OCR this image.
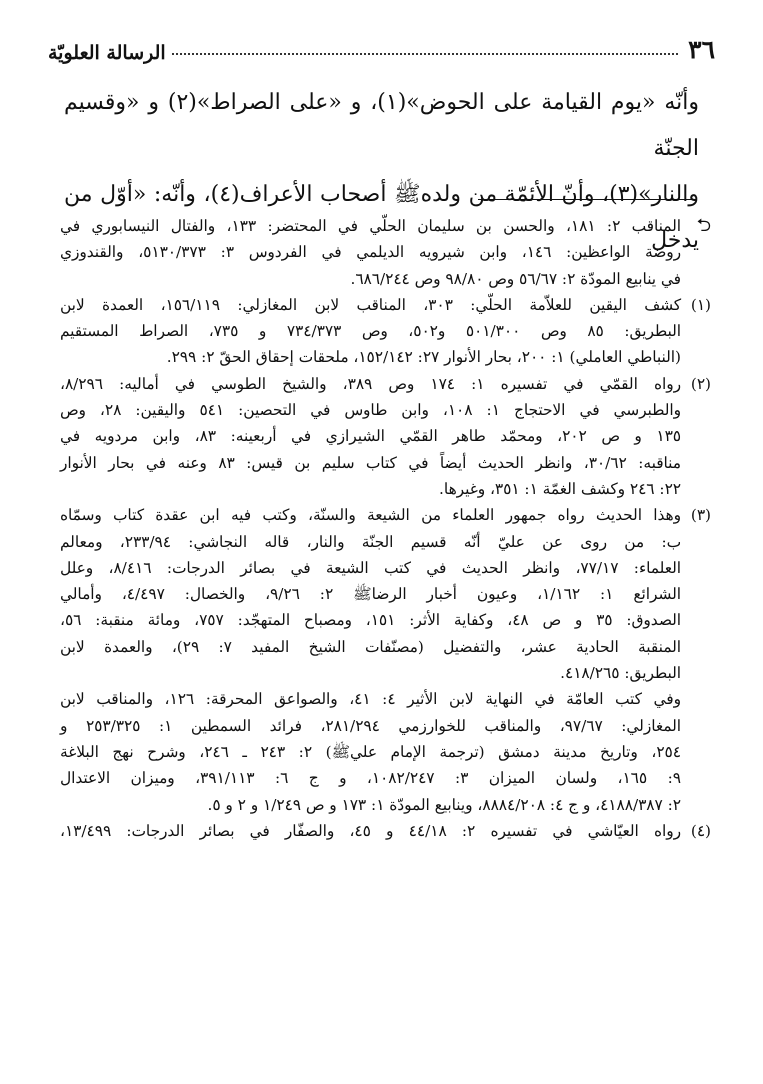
٣٦
الرسالة العلويّة

وأنّه «يوم القيامة على الحوض»(١)، و «على الصراط»(٢) و «وقسيم الجنّة

والنار»(٣)، وأنّ الأئمّة من ولدهﷺ أصحاب الأعراف(٤)، وأنّه: «أوّل من يدخل

⮌
المناقب ٢: ١٨١، والحسن بن سليمان الحلّي في المحتضر: ١٣٣، والفتال النيسابوري في
روضة الواعظين: ١٤٦، وابن شيرويه الديلمي في الفردوس ٣: ٥١٣٠/٣٧٣، والقندوزي
في ينابيع المودّة ٢: ٥٦/٦٧ وص ٩٨/٨٠ وص ٦٨٦/٢٤٤.
(١)
كشف اليقين للعلاّمة الحلّي: ٣٠٣، المناقب لابن المغازلي: ١٥٦/١١٩، العمدة لابن
البطريق: ٨٥ وص ٥٠١/٣٠٠ و٥٠٢، وص ٧٣٤/٣٧٣ و ٧٣٥، الصراط المستقيم
(النباطي العاملي) ١: ٢٠٠، بحار الأنوار ٢٧: ١٥٢/١٤٢، ملحقات إحقاق الحقّ ٢: ٢٩٩.
(٢)
رواه القمّي في تفسيره ١: ١٧٤ وص ٣٨٩، والشيخ الطوسي في أماليه: ٨/٢٩٦،
والطبرسي في الاحتجاج ١: ١٠٨، وابن طاوس في التحصين: ٥٤١ واليقين: ٢٨، وص
١٣٥ و ص ٢٠٢، ومحمّد طاهر القمّي الشيرازي في أربعينه: ٨٣، وابن مردويه في
مناقبه: ٣٠/٦٢، وانظر الحديث أيضاً في كتاب سليم بن قيس: ٨٣ وعنه في بحار الأنوار
٢٢: ٢٤٦ وكشف الغمّة ١: ٣٥١، وغيرها.
(٣)
وهذا الحديث رواه جمهور العلماء من الشيعة والسنّة، وكتب فيه ابن عقدة كتاب وسمّاه
ب: من روى عن عليّ أنّه قسيم الجنّة والنار، قاله النجاشي: ٢٣٣/٩٤، ومعالم
العلماء: ٧٧/١٧، وانظر الحديث في كتب الشيعة في بصائر الدرجات: ٨/٤١٦، وعلل
الشرائع ١: ١/١٦٢، وعيون أخبار الرضاﷺ ٢: ٩/٢٦، والخصال: ٤/٤٩٧، وأمالي
الصدوق: ٣٥ و ص ٤٨، وكفاية الأثر: ١٥١، ومصباح المتهجّد: ٧٥٧، ومائة منقبة: ٥٦،
المنقبة الحادية عشر، والتفضيل (مصنّفات الشيخ المفيد ٧: ٢٩)، والعمدة لابن
البطريق: ٤١٨/٢٦٥.
وفي كتب العامّة في النهاية لابن الأثير ٤: ٤١، والصواعق المحرقة: ١٢٦، والمناقب لابن
المغازلي: ٩٧/٦٧، والمناقب للخوارزمي ٢٨١/٢٩٤، فرائد السمطين ١: ٢٥٣/٣٢٥ و
٢٥٤، وتاريخ مدينة دمشق (ترجمة الإمام عليﷺ) ٢: ٢٤٣ ـ ٢٤٦، وشرح نهج البلاغة
٩: ١٦٥، ولسان الميزان ٣: ١٠٨٢/٢٤٧، و ج ٦: ٣٩١/١١٣، وميزان الاعتدال
٢: ٤١٨٨/٣٨٧، و ج ٤: ٨٨٨٤/٢٠٨، وينابيع المودّة ١: ١٧٣ و ص ١/٢٤٩ و ٢ و ٥.
(٤)
رواه العيّاشي في تفسيره ٢: ٤٤/١٨ و ٤٥، والصفّار في بصائر الدرجات: ١٣/٤٩٩،
